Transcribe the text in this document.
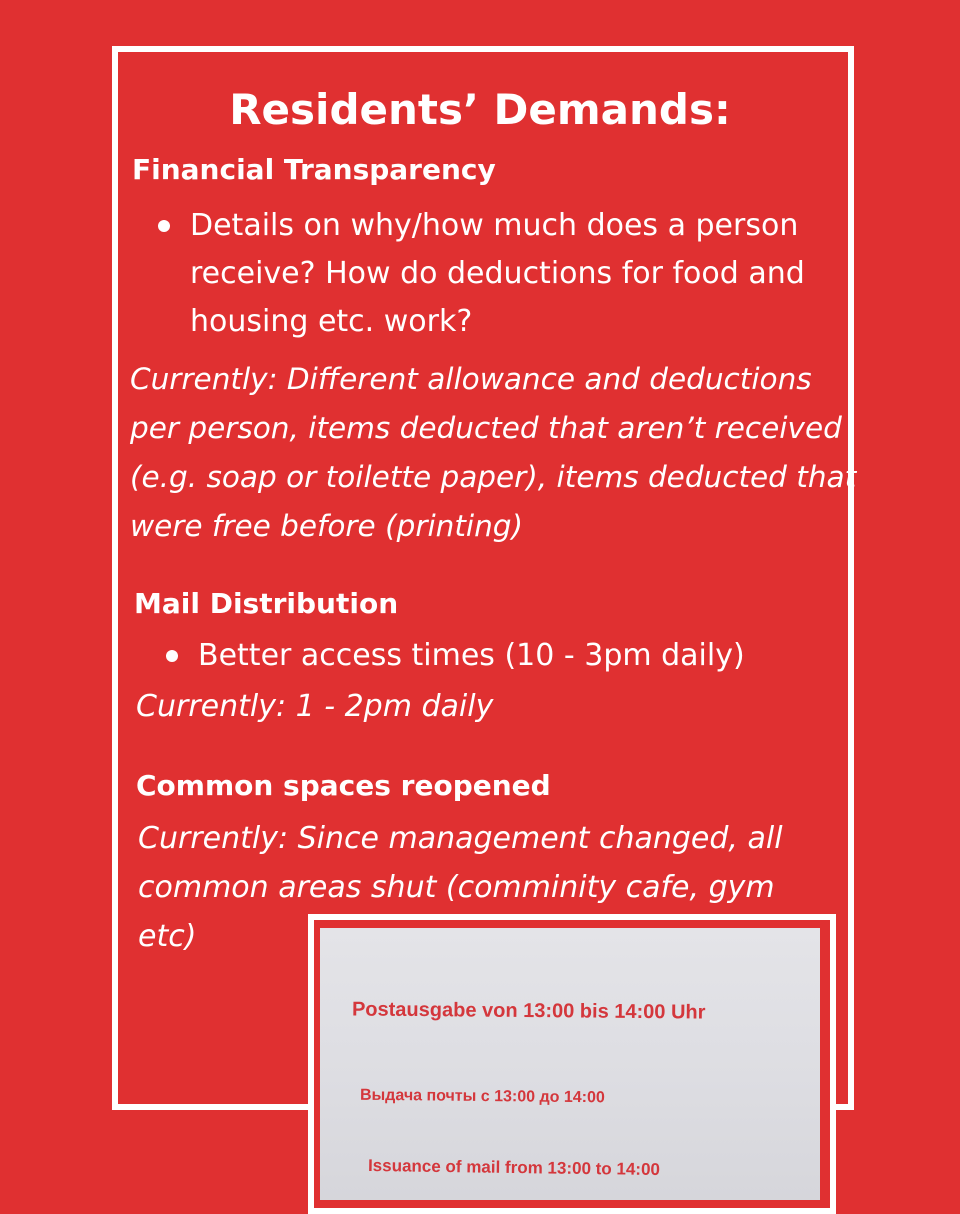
Residents’ Demands:
Financial Transparency

Details on why/how much does a person receive? How do deductions for food and housing etc. work?

Currently: Different allowance and deductions per person, items deducted that aren’t received (e.g. soap or toilette paper), items deducted that were free before (printing)

Mail Distribution

Better access times (10 - 3pm daily)

Currently: 1 - 2pm daily

Common spaces reopened

Currently: Since management changed, all common areas shut (comminity cafe, gym etc)

Postausgabe von 13:00 bis 14:00 Uhr

Выдача почты с 13:00 до 14:00

Issuance of mail from 13:00 to 14:00
